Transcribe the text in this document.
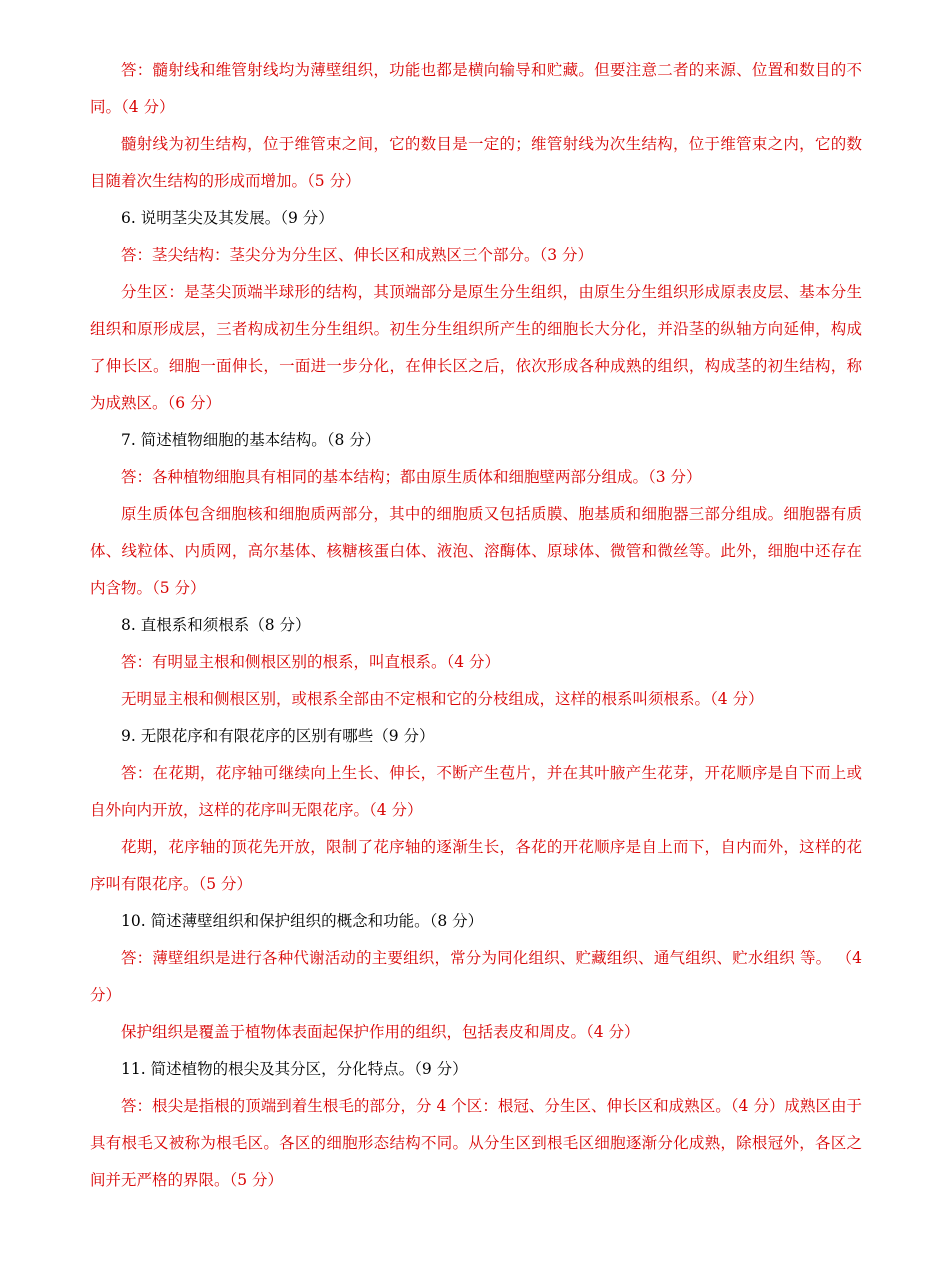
答：髓射线和维管射线均为薄壁组织，功能也都是横向输导和贮藏。但要注意二者的来源、位置和数目的不同。（4 分）

髓射线为初生结构，位于维管束之间，它的数目是一定的；维管射线为次生结构，位于维管束之内，它的数目随着次生结构的形成而增加。（5 分）

6. 说明茎尖及其发展。（9 分）

答：茎尖结构：茎尖分为分生区、伸长区和成熟区三个部分。（3 分）

分生区：是茎尖顶端半球形的结构，其顶端部分是原生分生组织，由原生分生组织形成原表皮层、基本分生组织和原形成层，三者构成初生分生组织。初生分生组织所产生的细胞长大分化，并沿茎的纵轴方向延伸，构成了伸长区。细胞一面伸长，一面进一步分化，在伸长区之后，依次形成各种成熟的组织，构成茎的初生结构，称为成熟区。（6 分）

7. 简述植物细胞的基本结构。（8 分）

答：各种植物细胞具有相同的基本结构；都由原生质体和细胞壁两部分组成。（3 分）

原生质体包含细胞核和细胞质两部分，其中的细胞质又包括质膜、胞基质和细胞器三部分组成。细胞器有质体、线粒体、内质网，高尔基体、核糖核蛋白体、液泡、溶酶体、原球体、微管和微丝等。此外，细胞中还存在内含物。（5 分）

8. 直根系和须根系（8 分）

答：有明显主根和侧根区别的根系，叫直根系。（4 分）

无明显主根和侧根区别，或根系全部由不定根和它的分枝组成，这样的根系叫须根系。（4 分）

9. 无限花序和有限花序的区别有哪些（9 分）

答：在花期，花序轴可继续向上生长、伸长，不断产生苞片，并在其叶腋产生花芽，开花顺序是自下而上或自外向内开放，这样的花序叫无限花序。（4 分）

花期，花序轴的顶花先开放，限制了花序轴的逐渐生长，各花的开花顺序是自上而下，自内而外，这样的花序叫有限花序。（5 分）

10. 简述薄壁组织和保护组织的概念和功能。（8 分）

答：薄壁组织是进行各种代谢活动的主要组织，常分为同化组织、贮藏组织、通气组织、贮水组织 等。 （4 分）

保护组织是覆盖于植物体表面起保护作用的组织，包括表皮和周皮。（4 分）

11. 简述植物的根尖及其分区，分化特点。（9 分）

答：根尖是指根的顶端到着生根毛的部分，分 4 个区：根冠、分生区、伸长区和成熟区。（4 分）成熟区由于具有根毛又被称为根毛区。各区的细胞形态结构不同。从分生区到根毛区细胞逐渐分化成熟，除根冠外，各区之间并无严格的界限。（5 分）
